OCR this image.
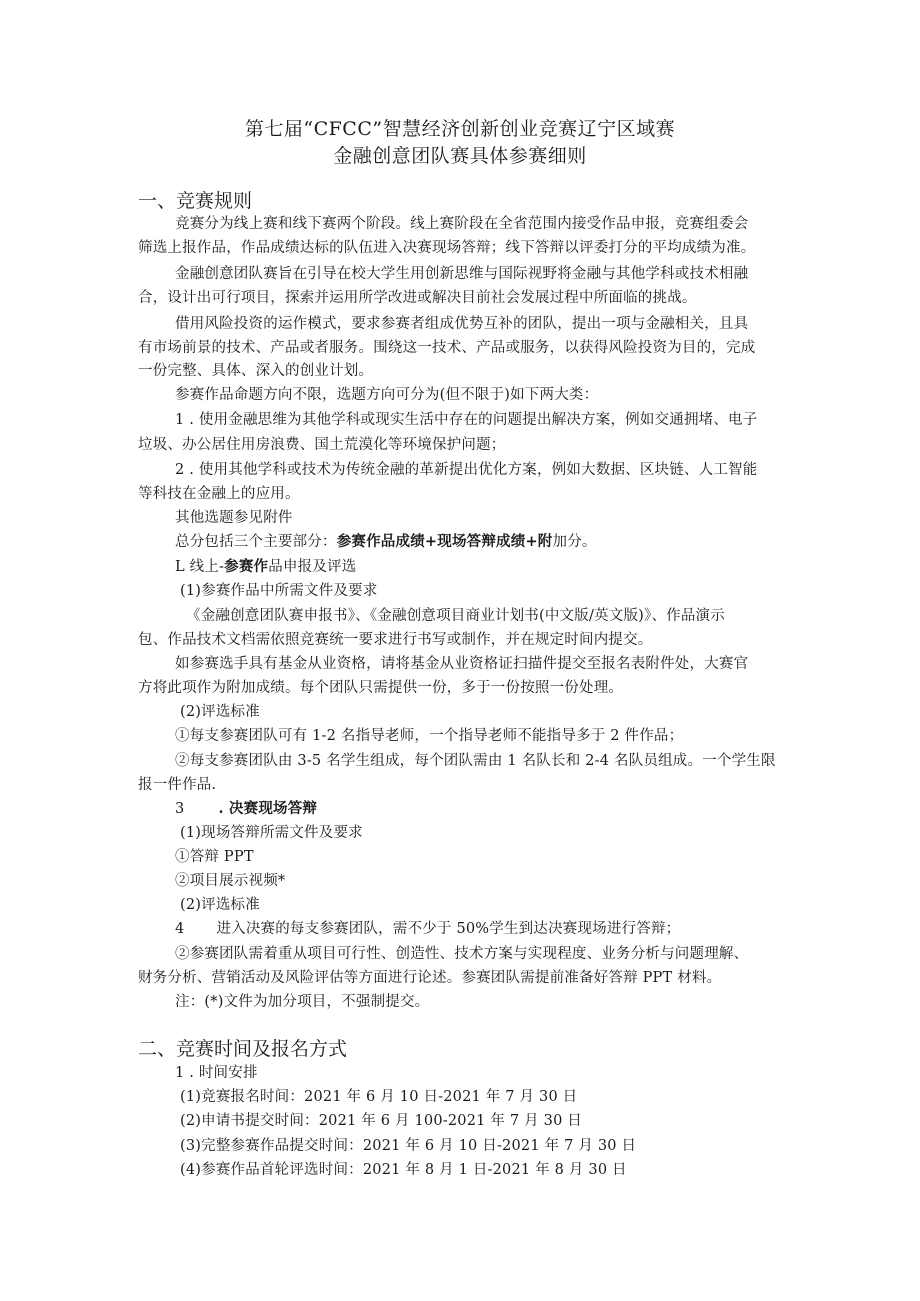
第七届“CFCC”智慧经济创新创业竞赛辽宁区域赛
金融创意团队赛具体参赛细则
一、竞赛规则
竞赛分为线上赛和线下赛两个阶段。线上赛阶段在全省范围内接受作品申报，竞赛组委会
筛选上报作品，作品成绩达标的队伍进入决赛现场答辩；线下答辩以评委打分的平均成绩为准。
金融创意团队赛旨在引导在校大学生用创新思维与国际视野将金融与其他学科或技术相融
合，设计出可行项目，探索并运用所学改进或解决目前社会发展过程中所面临的挑战。
借用风险投资的运作模式，要求参赛者组成优势互补的团队，提出一项与金融相关，且具
有市场前景的技术、产品或者服务。围绕这一技术、产品或服务，以获得风险投资为目的，完成
一份完整、具体、深入的创业计划。
参赛作品命题方向不限，选题方向可分为(但不限于)如下两大类：
1 . 使用金融思维为其他学科或现实生活中存在的问题提出解决方案，例如交通拥堵、电子
垃圾、办公居住用房浪费、国土荒漠化等环境保护问题；
2 . 使用其他学科或技术为传统金融的革新提出优化方案，例如大数据、区块链、人工智能
等科技在金融上的应用。
其他选题参见附件
总分包括三个主要部分：参赛作品成绩+现场答辩成绩+附加分。
L 线上-参赛作品申报及评选
(1)参赛作品中所需文件及要求
《金融创意团队赛申报书》、《金融创意项目商业计划书(中文版/英文版)》、作品演示
包、作品技术文档需依照竞赛统一要求进行书写或制作，并在规定时间内提交。
如参赛选手具有基金从业资格，请将基金从业资格证扫描件提交至报名表附件处，大赛官
方将此项作为附加成绩。每个团队只需提供一份，多于一份按照一份处理。
(2)评选标准
①每支参赛团队可有 1-2 名指导老师，一个指导老师不能指导多于 2 件作品；
②每支参赛团队由 3-5 名学生组成，每个团队需由 1 名队长和 2-4 名队员组成。一个学生限
报一件作品.
3 . 决赛现场答辩
(1)现场答辩所需文件及要求
①答辩 PPT
②项目展示视频*
(2)评选标准
4 进入决赛的每支参赛团队，需不少于 50%学生到达决赛现场进行答辩；
②参赛团队需着重从项目可行性、创造性、技术方案与实现程度、业务分析与问题理解、
财务分析、营销活动及风险评估等方面进行论述。参赛团队需提前准备好答辩 PPT 材料。
注：(*)文件为加分项目，不强制提交。
二、竞赛时间及报名方式
1 . 时间安排
(1)竞赛报名时间：2021 年 6 月 10 日-2021 年 7 月 30 日
(2)申请书提交时间：2021 年 6 月 100-2021 年 7 月 30 日
(3)完整参赛作品提交时间：2021 年 6 月 10 日-2021 年 7 月 30 日
(4)参赛作品首轮评选时间：2021 年 8 月 1 日-2021 年 8 月 30 日
